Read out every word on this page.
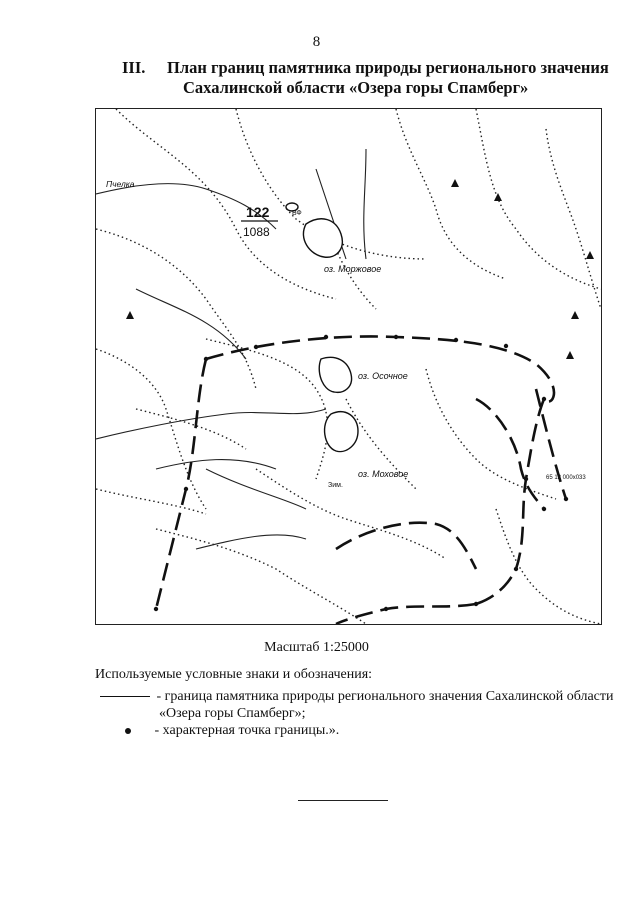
8
III. План границ памятника природы регионального значения
Сахалинской области «Озера горы Спамберг»
122
1088
оз. Моржовое
оз. Осочное
оз. Моховое
Пчелка
65 12 000х033
ВФ
Зим.
Масштаб 1:25000
Используемые условные знаки и обозначения:
- граница памятника природы регионального значения Сахалинской области
«Озера горы Спамберг»;
- характерная точка границы.».
